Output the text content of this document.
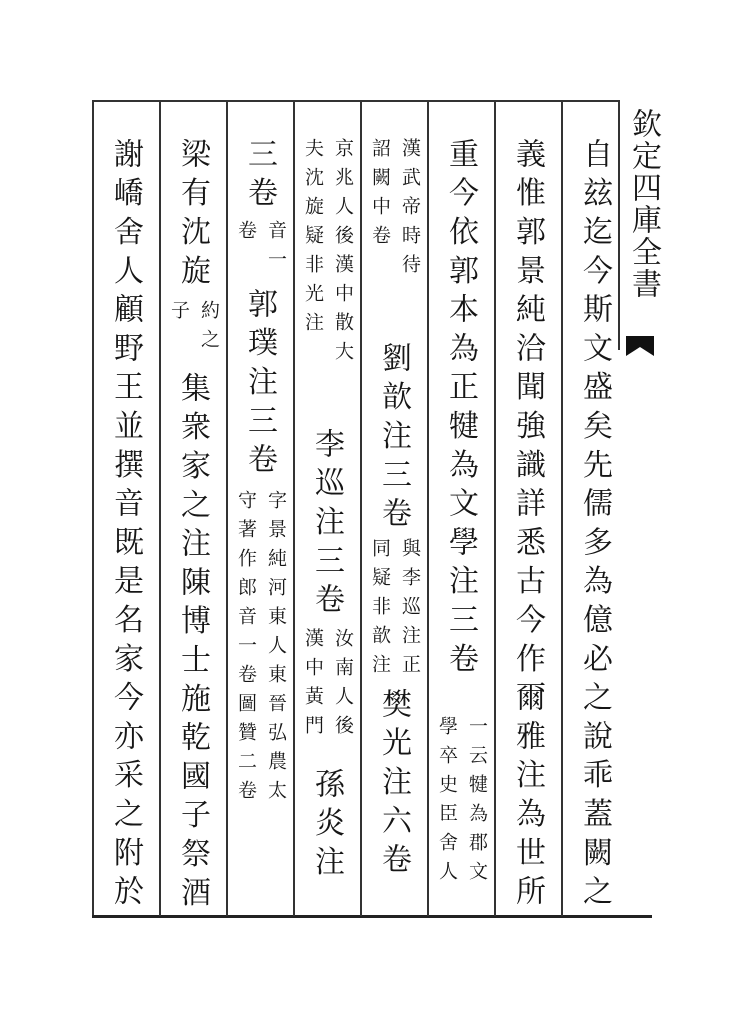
欽定四庫全書
自玆迄今斯文盛矣先儒多為億必之說乖蓋闕之
義惟郭景純洽聞強識詳悉古今作爾雅注為世所
重今依郭本為正犍為文學注三卷
一云犍為郡文
學卒史臣舍人
漢武帝時待
詔闕中卷
劉歆注三卷
與李巡注正
同疑非歆注
樊光注六卷
京兆人後漢中散大
夫沈旋疑非光注
李巡注三卷
汝南人後
漢中黃門
孫炎注
三卷
音一
卷
郭璞注三卷
字景純河東人東晉弘農太
守著作郎音一卷圖贊二卷
梁有沈旋
約之
子
集衆家之注陳博士施乾國子祭酒
謝嶠舍人顧野王並撰音既是名家今亦采之附於
